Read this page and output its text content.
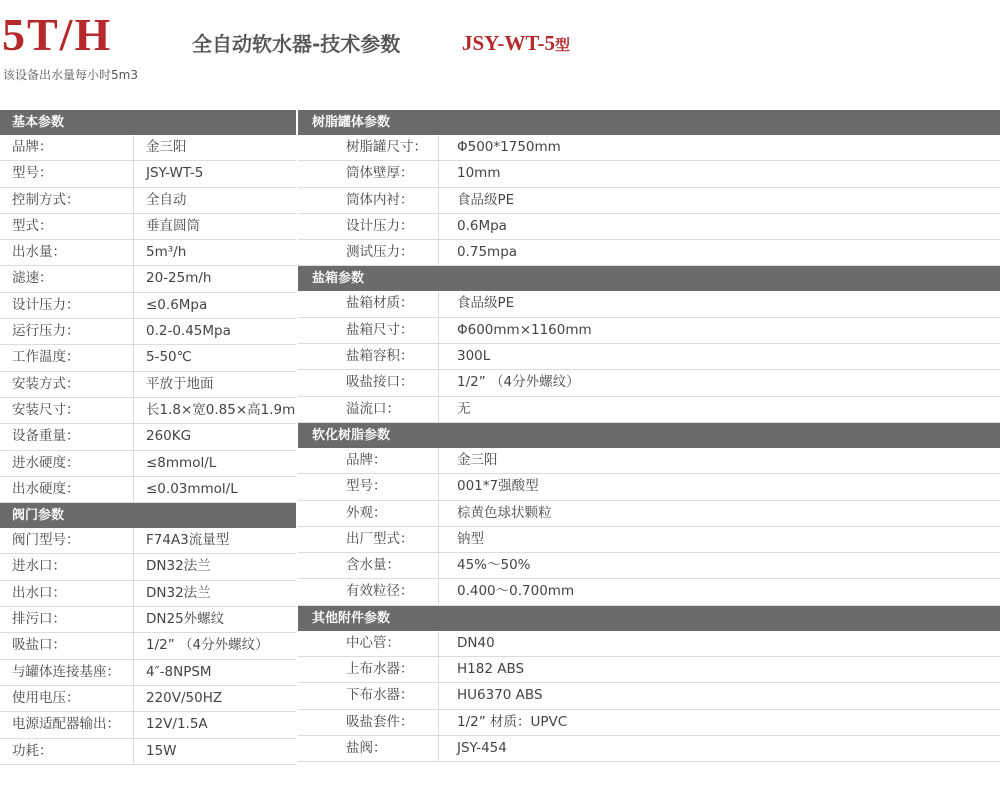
5T/H	全自动软水器-技术参数	JSY-WT-5型
该设备出水量每小时5m3
基本参数
品牌：	金三阳
型号：	JSY-WT-5
控制方式：	全自动
型式：	垂直圆筒
出水量：	5m³/h
滤速：	20-25m/h
设计压力：	≤0.6Mpa
运行压力：	0.2-0.45Mpa
工作温度：	5-50℃
安装方式：	平放于地面
安装尺寸：	长1.8×宽0.85×高1.9m
设备重量：	260KG
进水硬度：	≤8mmol/L
出水硬度：	≤0.03mmol/L
阀门参数
阀门型号：	F74A3流量型
进水口：	DN32法兰
出水口：	DN32法兰
排污口：	DN25外螺纹
吸盐口：	1/2” （4分外螺纹）
与罐体连接基座：	4″-8NPSM
使用电压：	220V/50HZ
电源适配器输出：	12V/1.5A
功耗：	15W
树脂罐体参数
树脂罐尺寸：	Φ500*1750mm
筒体壁厚：	10mm
筒体内衬：	食品级PE
设计压力：	0.6Mpa
测试压力：	0.75mpa
盐箱参数
盐箱材质：	食品级PE
盐箱尺寸：	Φ600mm×1160mm
盐箱容积：	300L
吸盐接口：	1/2” （4分外螺纹）
溢流口：	无
软化树脂参数
品牌：	金三阳
型号：	001*7强酸型
外观：	棕黄色球状颗粒
出厂型式：	钠型
含水量：	45%～50%
有效粒径：	0.400～0.700mm
其他附件参数
中心管：	DN40
上布水器：	H182 ABS
下布水器：	HU6370 ABS
吸盐套件：	1/2” 材质：UPVC
盐阀：	JSY-454
